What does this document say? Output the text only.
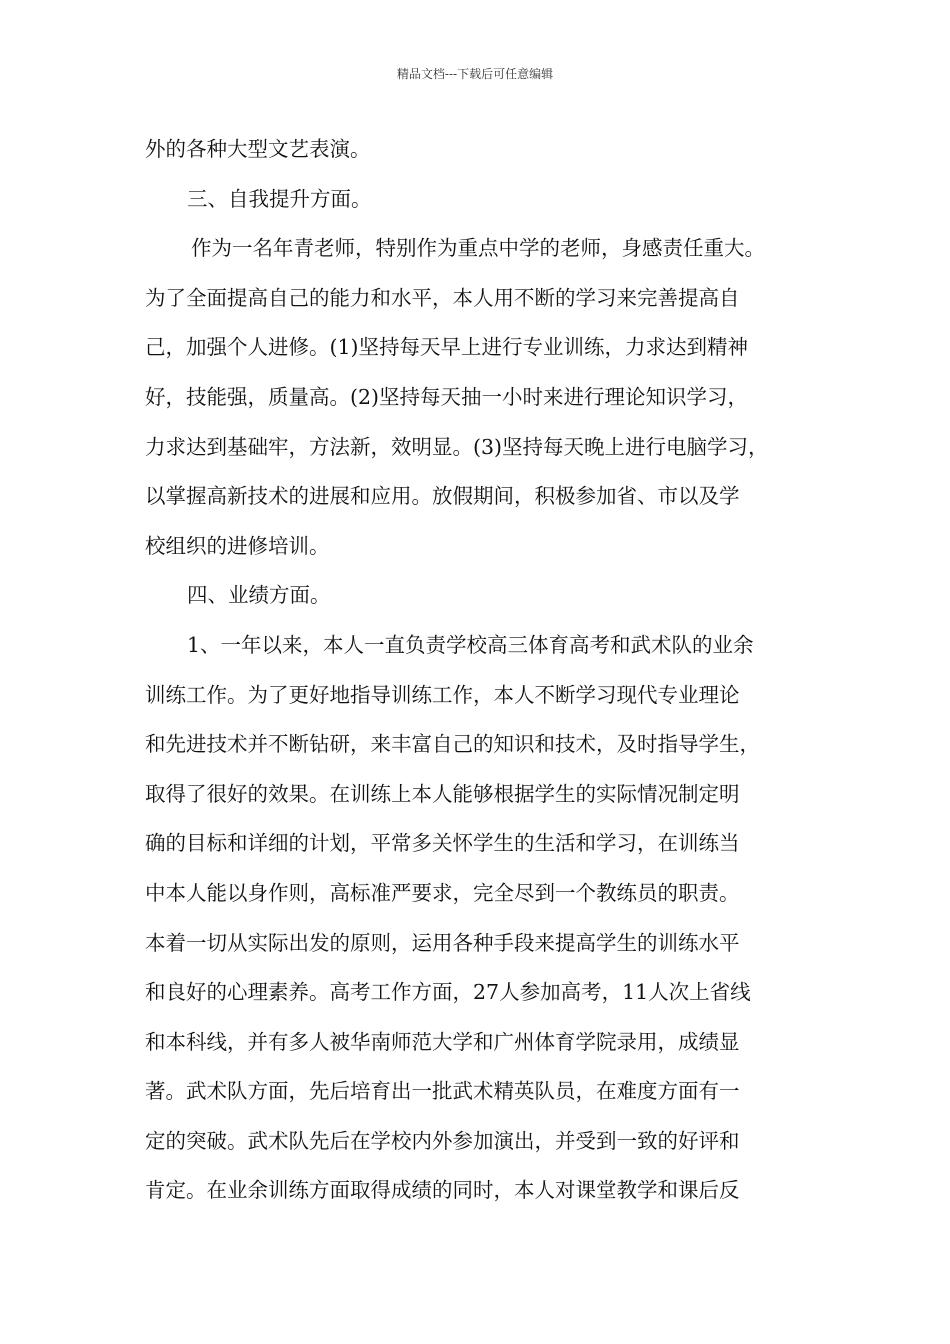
精品文档---下载后可任意编辑
外的各种大型文艺表演。
三、自我提升方面。
作为一名年青老师，特别作为重点中学的老师，身感责任重大。
为了全面提高自己的能力和水平，本人用不断的学习来完善提高自
己，加强个人进修。(1)坚持每天早上进行专业训练，力求达到精神
好，技能强，质量高。(2)坚持每天抽一小时来进行理论知识学习，
力求达到基础牢，方法新，效明显。(3)坚持每天晚上进行电脑学习，
以掌握高新技术的进展和应用。放假期间，积极参加省、市以及学
校组织的进修培训。
四、业绩方面。
1、一年以来，本人一直负责学校高三体育高考和武术队的业余
训练工作。为了更好地指导训练工作，本人不断学习现代专业理论
和先进技术并不断钻研，来丰富自己的知识和技术，及时指导学生，
取得了很好的效果。在训练上本人能够根据学生的实际情况制定明
确的目标和详细的计划，平常多关怀学生的生活和学习，在训练当
中本人能以身作则，高标准严要求，完全尽到一个教练员的职责。
本着一切从实际出发的原则，运用各种手段来提高学生的训练水平
和良好的心理素养。高考工作方面，27人参加高考，11人次上省线
和本科线，并有多人被华南师范大学和广州体育学院录用，成绩显
著。武术队方面，先后培育出一批武术精英队员，在难度方面有一
定的突破。武术队先后在学校内外参加演出，并受到一致的好评和
肯定。在业余训练方面取得成绩的同时，本人对课堂教学和课后反
